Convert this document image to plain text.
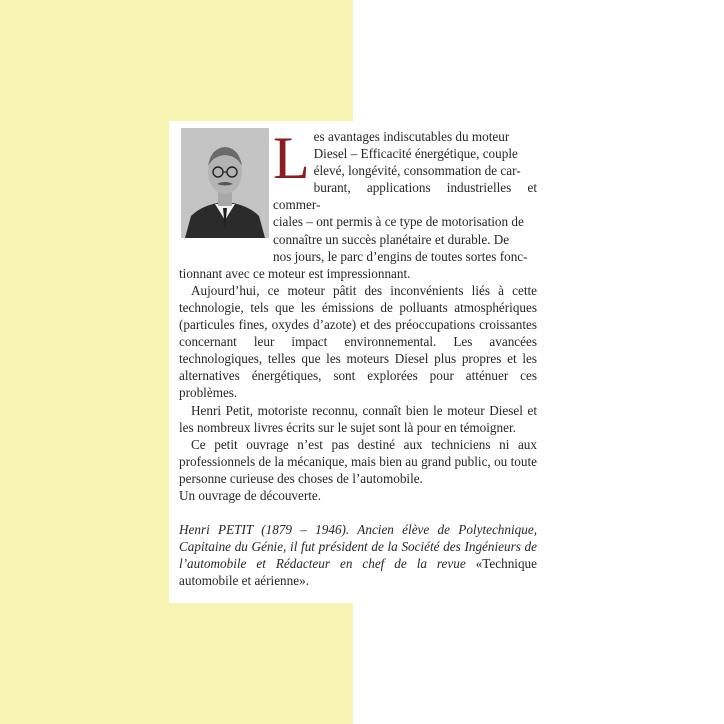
L es avantages indiscutables du moteur
Diesel – Efficacité énergétique, couple
élevé, longévité, consommation de car-
burant, applications industrielles et commer-
ciales – ont permis à ce type de motorisation de
connaître un succès planétaire et durable. De
nos jours, le parc d’engins de toutes sortes fonc-
tionnant avec ce moteur est impressionnant.

Aujourd’hui, ce moteur pâtit des inconvénients liés à cette technologie, tels que les émissions de polluants atmosphériques (particules fines, oxydes d’azote) et des préoccupations croissantes concernant leur impact environnemental. Les avancées technologiques, telles que les moteurs Diesel plus propres et les alternatives énergétiques, sont explorées pour atténuer ces problèmes.

Henri Petit, motoriste reconnu, connaît bien le moteur Diesel et les nombreux livres écrits sur le sujet sont là pour en témoigner.

Ce petit ouvrage n’est pas destiné aux techniciens ni aux professionnels de la mécanique, mais bien au grand public, ou toute personne curieuse des choses de l’automobile.

Un ouvrage de découverte.

Henri PETIT (1879 – 1946). Ancien élève de Polytechnique, Capitaine du Génie, il fut président de la Société des Ingénieurs de l’automobile et Rédacteur en chef de la revue «Technique automobile et aérienne».
